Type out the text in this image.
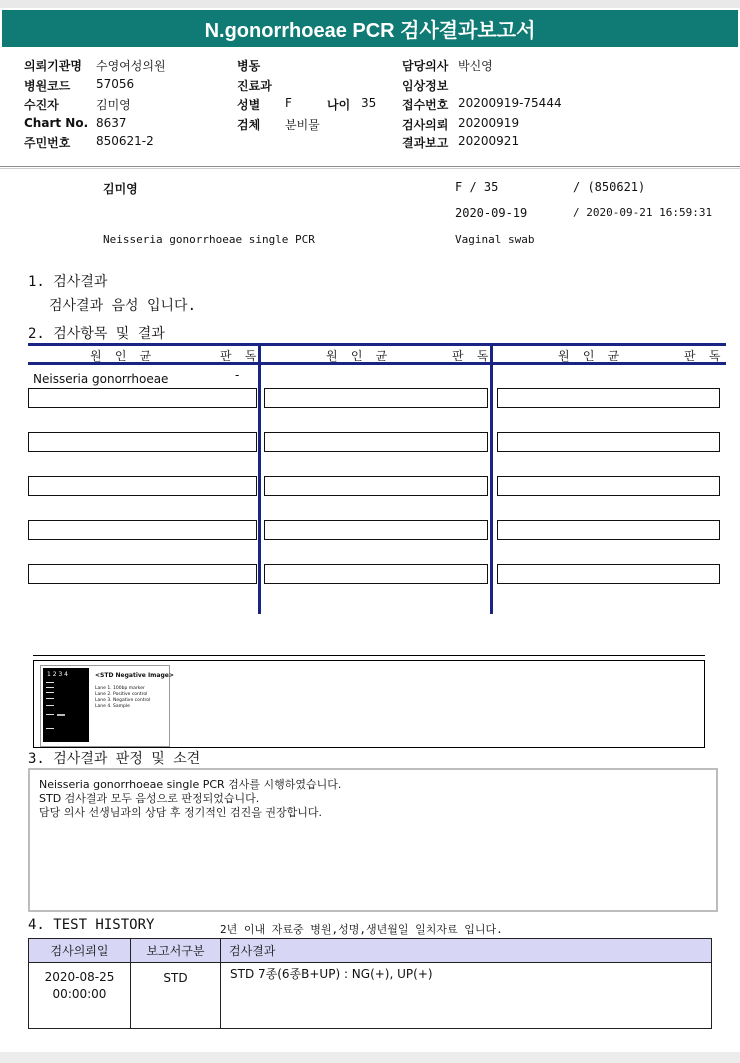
N.gonorrhoeae PCR 검사결과보고서
의뢰기관명 수영여성의원
병원코드 57056
수진자	김미영
Chart No. 8637
주민번호 850621-2
병동
진료과
성별 F	나이 35
검체 분비물
담당의사 박신영
임상정보
접수번호 20200919-75444
검사의뢰 20200919
결과보고 20200921
김미영	F / 35	/ (850621)
2020-09-19	/ 2020-09-21 16:59:31
Neisseria gonorrhoeae single PCR	Vaginal swab
1. 검사결과
검사결과 음성 입니다.
2. 검사항목 및 결과
원 인 균	판 독	원 인 균	판 독	원 인 균	판 독
Neisseria gonorrhoeae	-
1 2 3 4	<STD Negative Image>
Lane 1. 100bp marker
Lane 2. Positive control
Lane 3. Negative control
Lane 4. Sample
3. 검사결과 판정 및 소견
Neisseria gonorrhoeae single PCR 검사를 시행하였습니다.
STD 검사결과 모두 음성으로 판정되었습니다.
담당 의사 선생님과의 상담 후 정기적인 검진을 권장합니다.
4. TEST HISTORY	2년 이내 자료중 병원,성명,생년월일 일치자료 입니다.
검사의뢰일	보고서구분	검사결과

2020-08-25
00:00:00	STD	STD 7종(6종B+UP) : NG(+), UP(+)
